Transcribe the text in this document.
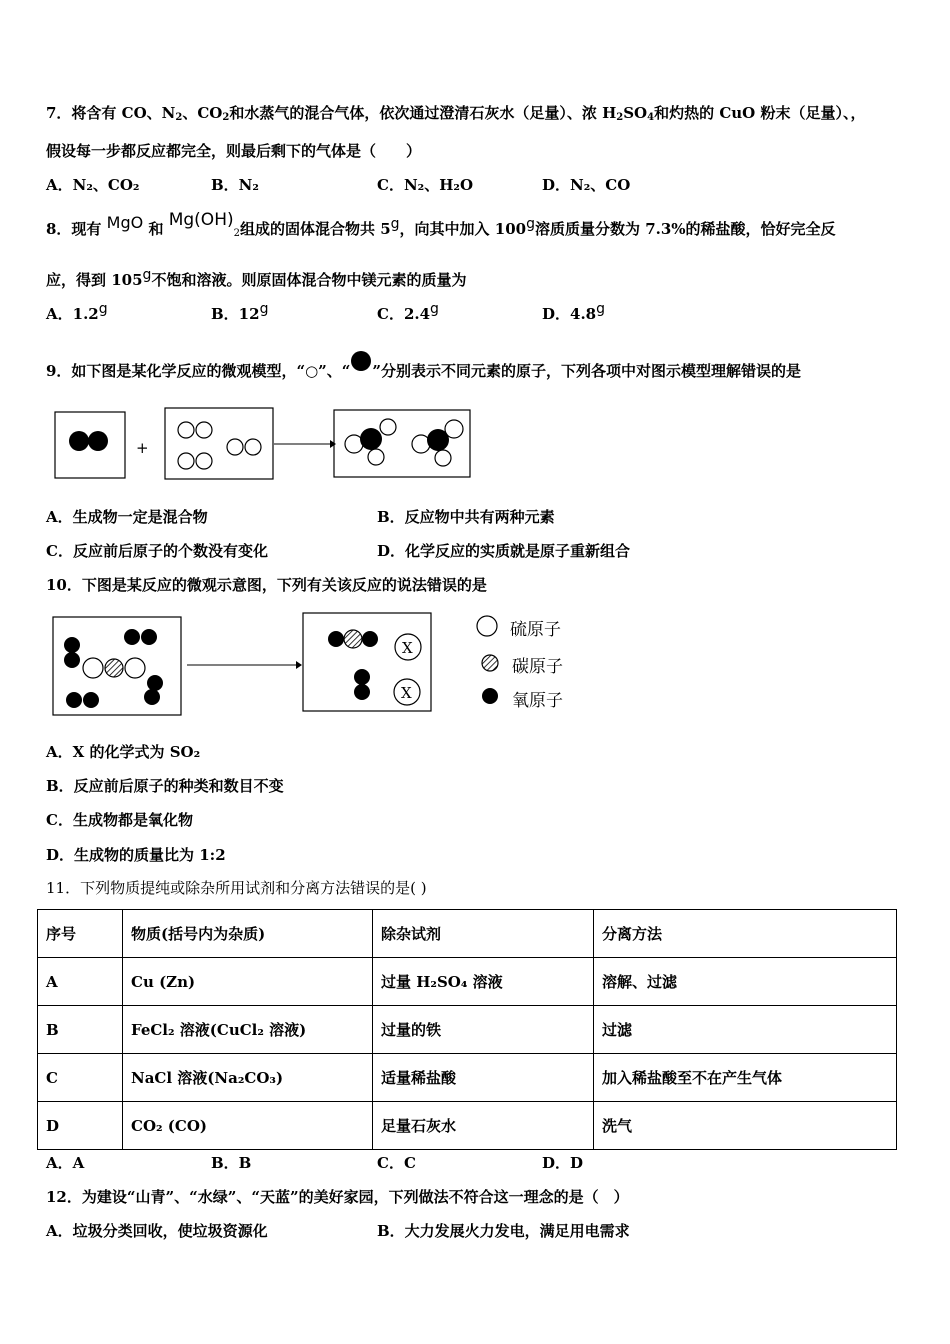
7．将含有 CO、$N_2$、$CO_2$和水蒸气的混合气体，依次通过澄清石灰水（足量）、浓 $H_2SO_4$和灼热的 CuO 粉末（足量）、，
假设每一步都反应都完全，则最后剩下的气体是（　　）
A．N₂、CO₂	B．N₂	C．N₂、H₂O	D．N₂、CO
8．现有 MgO 和 $Mg(OH)_2$组成的固体混合物共 5g，向其中加入 100g溶质质量分数为 7.3%的稀盐酸，恰好完全反
应，得到 105g不饱和溶液。则原固体混合物中镁元素的质量为
A．1.2g	B．12g	C．2.4g	D．4.8g
9．如下图是某化学反应的微观模型，“○”、“ ”分别表示不同元素的原子，下列各项中对图示模型理解错误的是
+
A．生成物一定是混合物	B．反应物中共有两种元素
C．反应前后原子的个数没有变化	D．化学反应的实质就是原子重新组合
10．下图是某反应的微观示意图，下列有关该反应的说法错误的是
X
X
硫原子
碳原子
氧原子
A．X 的化学式为 SO₂
B．反应前后原子的种类和数目不变
C．生成物都是氧化物
D．生成物的质量比为 1:2
11．下列物质提纯或除杂所用试剂和分离方法错误的是( )
序号	物质(括号内为杂质)	除杂试剂	分离方法
A	Cu (Zn)	过量 H₂SO₄ 溶液	溶解、过滤
B	FeCl₂ 溶液(CuCl₂ 溶液)	过量的铁	过滤
C	NaCl 溶液(Na₂CO₃)	适量稀盐酸	加入稀盐酸至不在产生气体
D	CO₂ (CO)	足量石灰水	洗气
A．A	B．B	C．C	D．D
12．为建设“山青”、“水绿”、“天蓝”的美好家园，下列做法不符合这一理念的是（　）
A．垃圾分类回收，使垃圾资源化	B．大力发展火力发电，满足用电需求
